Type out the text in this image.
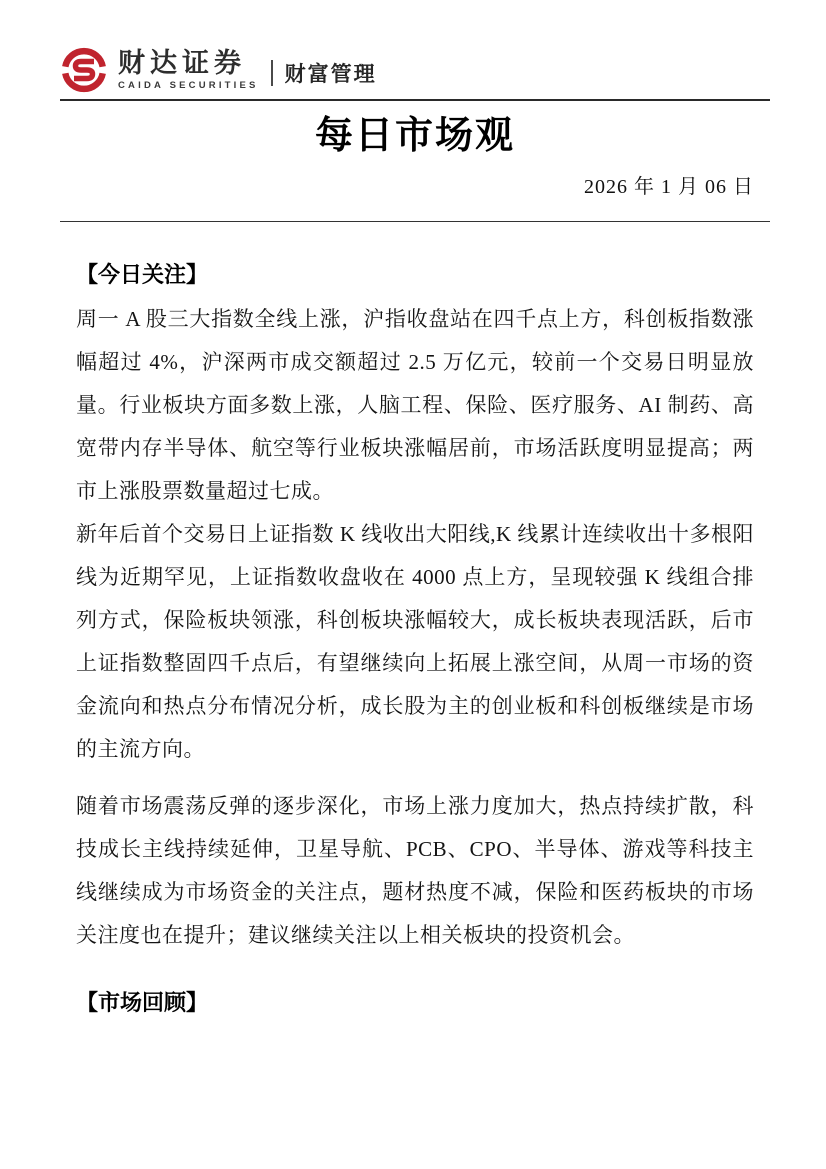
财达证券
CAIDA SECURITIES 财富管理
每日市场观
2026 年 1 月 06 日
【今日关注】

周一 A 股三大指数全线上涨，沪指收盘站在四千点上方，科创板指数涨幅超过 4%，沪深两市成交额超过 2.5 万亿元，较前一个交易日明显放量。行业板块方面多数上涨，人脑工程、保险、医疗服务、AI 制药、高宽带内存半导体、航空等行业板块涨幅居前，市场活跃度明显提高；两市上涨股票数量超过七成。

新年后首个交易日上证指数 K 线收出大阳线,K 线累计连续收出十多根阳线为近期罕见，上证指数收盘收在 4000 点上方，呈现较强 K 线组合排列方式，保险板块领涨，科创板块涨幅较大，成长板块表现活跃，后市上证指数整固四千点后，有望继续向上拓展上涨空间，从周一市场的资金流向和热点分布情况分析，成长股为主的创业板和科创板继续是市场的主流方向。

随着市场震荡反弹的逐步深化，市场上涨力度加大，热点持续扩散，科技成长主线持续延伸，卫星导航、PCB、CPO、半导体、游戏等科技主线继续成为市场资金的关注点，题材热度不减，保险和医药板块的市场关注度也在提升；建议继续关注以上相关板块的投资机会。

【市场回顾】
